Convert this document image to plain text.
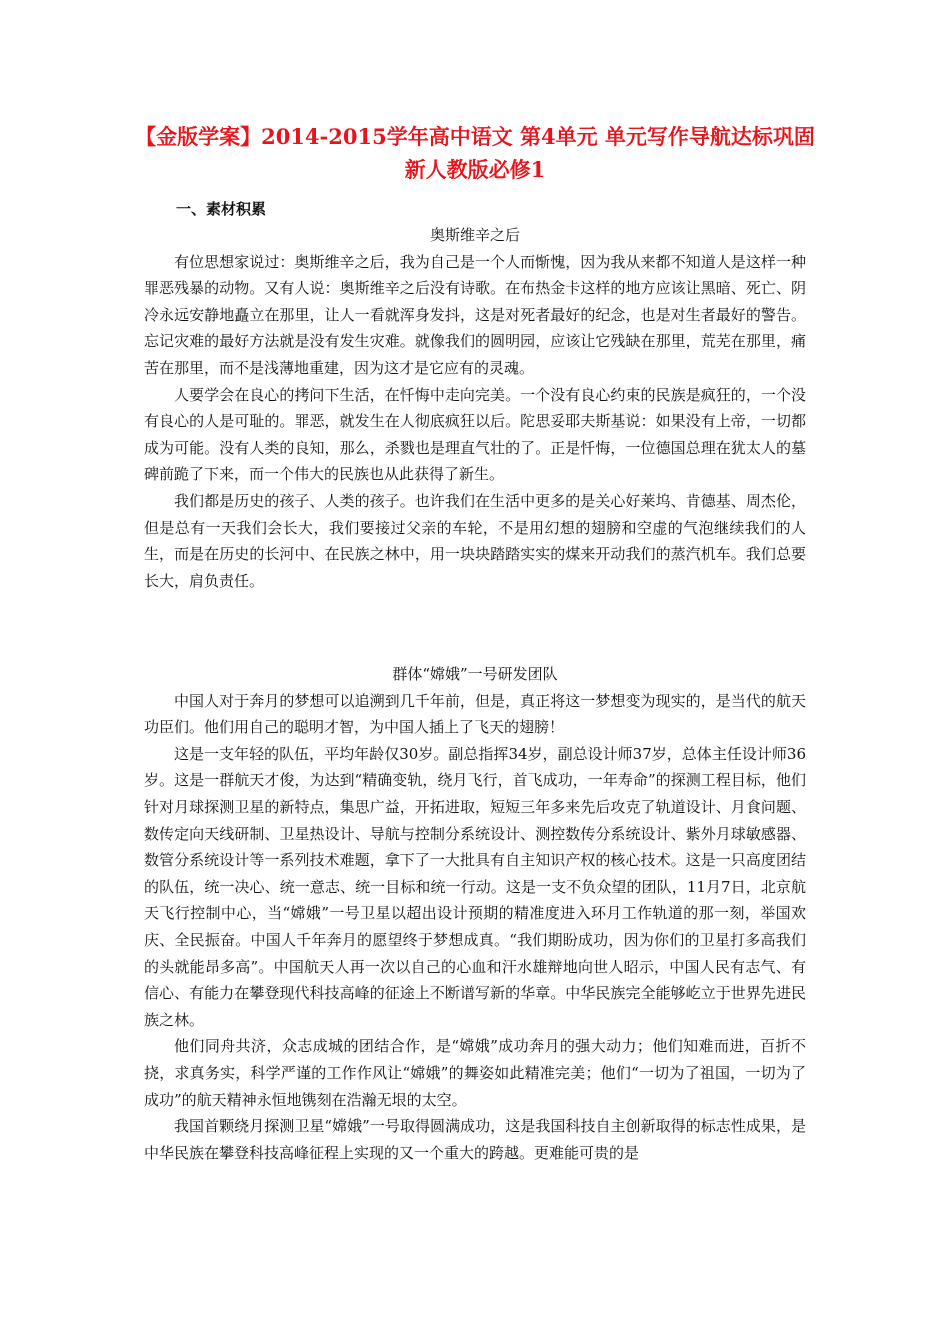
【金版学案】2014-2015学年高中语文 第4单元 单元写作导航达标巩固 新人教版必修1
一、素材积累
奥斯维辛之后

有位思想家说过：奥斯维辛之后，我为自己是一个人而惭愧，因为我从来都不知道人是这样一种罪恶残暴的动物。又有人说：奥斯维辛之后没有诗歌。在布热金卡这样的地方应该让黑暗、死亡、阴冷永远安静地矗立在那里，让人一看就浑身发抖，这是对死者最好的纪念，也是对生者最好的警告。忘记灾难的最好方法就是没有发生灾难。就像我们的圆明园，应该让它残缺在那里，荒芜在那里，痛苦在那里，而不是浅薄地重建，因为这才是它应有的灵魂。

人要学会在良心的拷问下生活，在忏悔中走向完美。一个没有良心约束的民族是疯狂的，一个没有良心的人是可耻的。罪恶，就发生在人彻底疯狂以后。陀思妥耶夫斯基说：如果没有上帝，一切都成为可能。没有人类的良知，那么，杀戮也是理直气壮的了。正是忏悔，一位德国总理在犹太人的墓碑前跪了下来，而一个伟大的民族也从此获得了新生。

我们都是历史的孩子、人类的孩子。也许我们在生活中更多的是关心好莱坞、肯德基、周杰伦，但是总有一天我们会长大，我们要接过父亲的车轮，不是用幻想的翅膀和空虚的气泡继续我们的人生，而是在历史的长河中、在民族之林中，用一块块踏踏实实的煤来开动我们的蒸汽机车。我们总要长大，肩负责任。

群体“嫦娥”一号研发团队

中国人对于奔月的梦想可以追溯到几千年前，但是，真正将这一梦想变为现实的，是当代的航天功臣们。他们用自己的聪明才智，为中国人插上了飞天的翅膀！

这是一支年轻的队伍，平均年龄仅30岁。副总指挥34岁，副总设计师37岁，总体主任设计师36岁。这是一群航天才俊，为达到“精确变轨，绕月飞行，首飞成功，一年寿命”的探测工程目标，他们针对月球探测卫星的新特点，集思广益，开拓进取，短短三年多来先后攻克了轨道设计、月食问题、数传定向天线研制、卫星热设计、导航与控制分系统设计、测控数传分系统设计、紫外月球敏感器、数管分系统设计等一系列技术难题，拿下了一大批具有自主知识产权的核心技术。这是一只高度团结的队伍，统一决心、统一意志、统一目标和统一行动。这是一支不负众望的团队，11月7日，北京航天飞行控制中心，当“嫦娥”一号卫星以超出设计预期的精准度进入环月工作轨道的那一刻，举国欢庆、全民振奋。中国人千年奔月的愿望终于梦想成真。“我们期盼成功，因为你们的卫星打多高我们的头就能昂多高”。中国航天人再一次以自己的心血和汗水雄辩地向世人昭示，中国人民有志气、有信心、有能力在攀登现代科技高峰的征途上不断谱写新的华章。中华民族完全能够屹立于世界先进民族之林。

他们同舟共济，众志成城的团结合作，是“嫦娥”成功奔月的强大动力；他们知难而进，百折不挠，求真务实，科学严谨的工作作风让“嫦娥”的舞姿如此精准完美；他们“一切为了祖国，一切为了成功”的航天精神永恒地镌刻在浩瀚无垠的太空。

我国首颗绕月探测卫星“嫦娥”一号取得圆满成功，这是我国科技自主创新取得的标志性成果，是中华民族在攀登科技高峰征程上实现的又一个重大的跨越。更难能可贵的是
